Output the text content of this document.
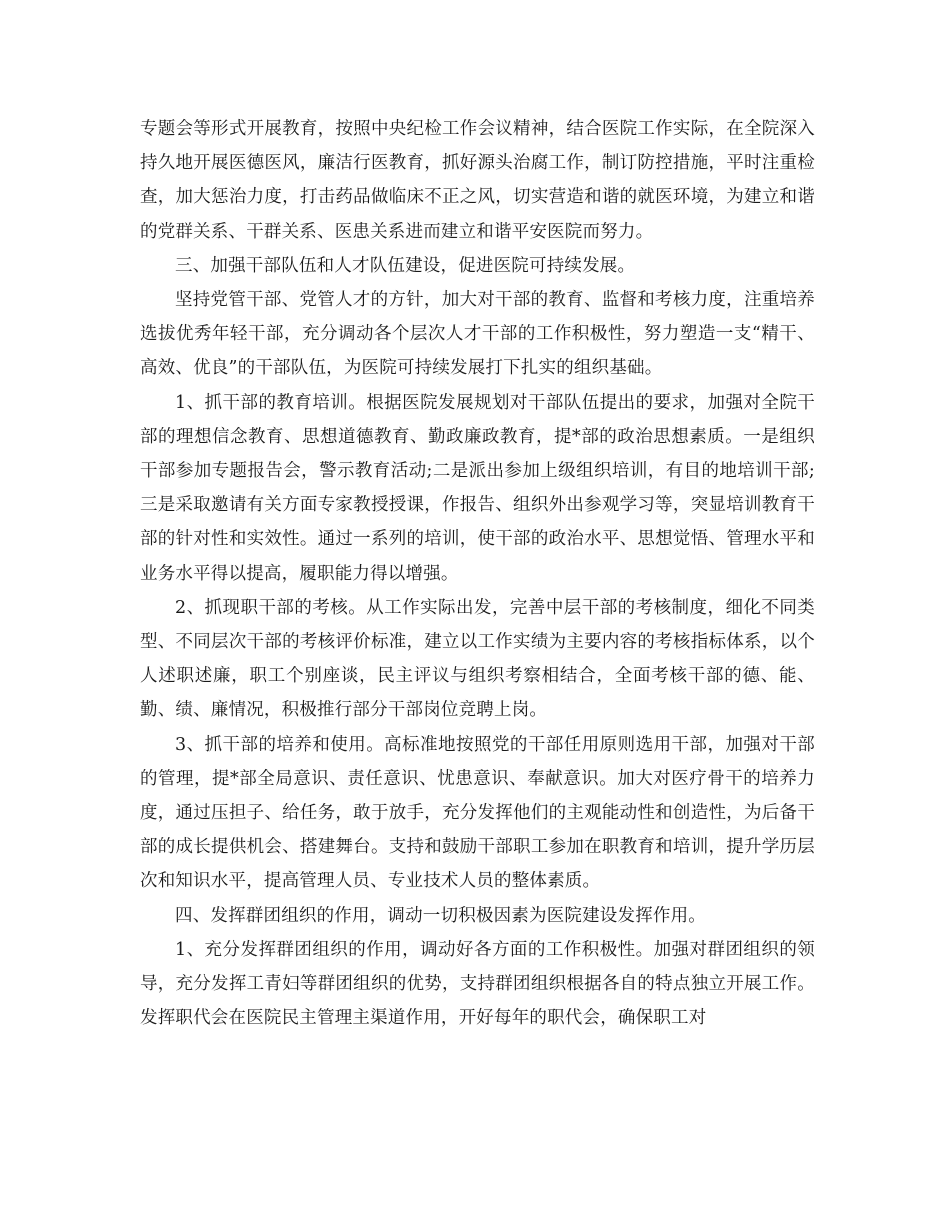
专题会等形式开展教育，按照中央纪检工作会议精神，结合医院工作实际，在全院深入持久地开展医德医风，廉洁行医教育，抓好源头治腐工作，制订防控措施，平时注重检查，加大惩治力度，打击药品做临床不正之风，切实营造和谐的就医环境，为建立和谐的党群关系、干群关系、医患关系进而建立和谐平安医院而努力。

三、加强干部队伍和人才队伍建设，促进医院可持续发展。

坚持党管干部、党管人才的方针，加大对干部的教育、监督和考核力度，注重培养选拔优秀年轻干部，充分调动各个层次人才干部的工作积极性，努力塑造一支“精干、高效、优良”的干部队伍，为医院可持续发展打下扎实的组织基础。

1、抓干部的教育培训。根据医院发展规划对干部队伍提出的要求，加强对全院干部的理想信念教育、思想道德教育、勤政廉政教育，提*部的政治思想素质。一是组织干部参加专题报告会，警示教育活动;二是派出参加上级组织培训，有目的地培训干部;三是采取邀请有关方面专家教授授课，作报告、组织外出参观学习等，突显培训教育干部的针对性和实效性。通过一系列的培训，使干部的政治水平、思想觉悟、管理水平和业务水平得以提高，履职能力得以增强。

2、抓现职干部的考核。从工作实际出发，完善中层干部的考核制度，细化不同类型、不同层次干部的考核评价标准，建立以工作实绩为主要内容的考核指标体系，以个人述职述廉，职工个别座谈，民主评议与组织考察相结合，全面考核干部的德、能、勤、绩、廉情况，积极推行部分干部岗位竞聘上岗。

3、抓干部的培养和使用。高标准地按照党的干部任用原则选用干部，加强对干部的管理，提*部全局意识、责任意识、忧患意识、奉献意识。加大对医疗骨干的培养力度，通过压担子、给任务，敢于放手，充分发挥他们的主观能动性和创造性，为后备干部的成长提供机会、搭建舞台。支持和鼓励干部职工参加在职教育和培训，提升学历层次和知识水平，提高管理人员、专业技术人员的整体素质。

四、发挥群团组织的作用，调动一切积极因素为医院建设发挥作用。

1、充分发挥群团组织的作用，调动好各方面的工作积极性。加强对群团组织的领导，充分发挥工青妇等群团组织的优势，支持群团组织根据各自的特点独立开展工作。发挥职代会在医院民主管理主渠道作用，开好每年的职代会，确保职工对
